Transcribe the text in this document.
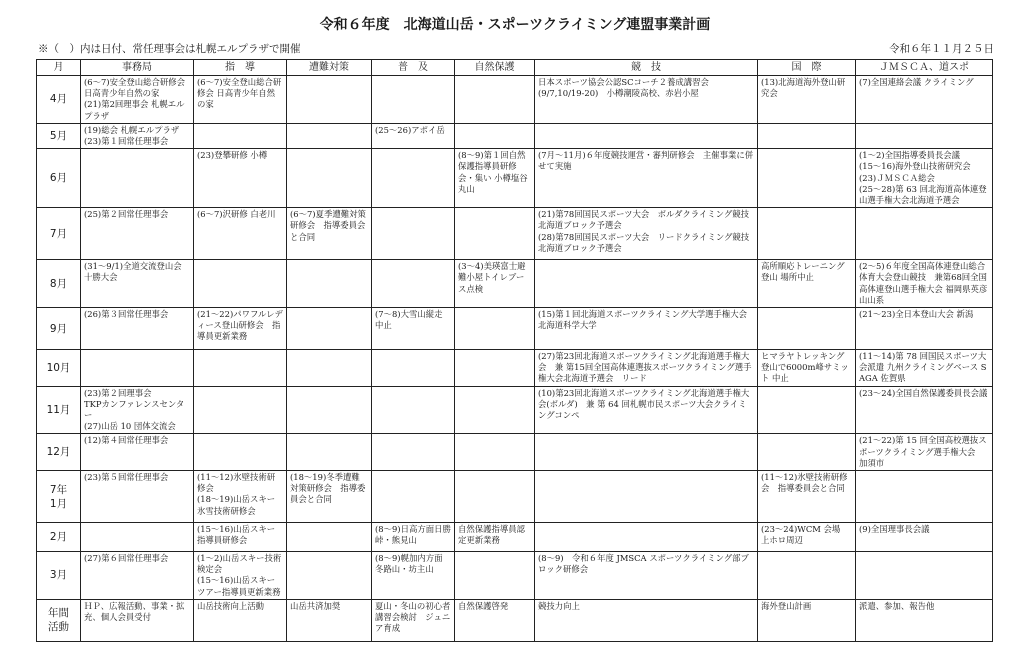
令和６年度　北海道山岳・スポーツクライミング連盟事業計画
※（　）内は日付、常任理事会は札幌エルプラザで開催	令和６年１１月２５日
月	事務局	指　導	遭難対策	普　及	自然保護	競　技	国　際	ＪＭＳＣＡ、道スポ

4月	(6〜7)安全登山総合研修会 日高青少年自然の家
(21)第2回理事会 札幌エルプラザ	(6〜7)安全登山総合研修会 日高青少年自然の家				日本スポーツ協会公認SCコーチ２養成講習会
(9/7,10/19-20)　小樽潮陵高校、赤岩小屋	(13)北海道海外登山研究会	(7)全国連絡会議 クライミング

5月	(19)総会 札幌エルプラザ
(23)第１回常任理事会			(25〜26)アポイ岳				

6月		(23)登攀研修 小樽			(8〜9)第１回自然保護指導員研修会・集い 小樽塩谷丸山	(7月〜11月)６年度競技運営・審判研修会　主催事業に併せて実施		(1〜2)全国指導委員長会議
(15〜16)海外登山技術研究会
(23)ＪＭＳＣＡ総会
(25〜28)第 63 回北海道高体連登山選手権大会北海道予選会

7月	(25)第２回常任理事会	(6〜7)沢研修 白老川	(6〜7)夏季遭難対策研修会　指導委員会と合同			(21)第78回国民スポーツ大会　ボルダクライミング競技北海道ブロック予選会
(28)第78回国民スポーツ大会　リードクライミング競技北海道ブロック予選会		

8月	(31〜9/1)全道交流登山会　十勝大会				(3〜4)美瑛富士避難小屋トイレブース点検		高所順応トレーニング登山 場所中止	(2〜5)６年度全国高体連登山総合体育大会登山競技　兼第68回全国高体連登山選手権大会 福岡県英彦山山系

9月	(26)第３回常任理事会	(21〜22)パワフルレディース登山研修会　指導員更新業務		(7〜8)大雪山縦走 中止		(15)第１回北海道スポーツクライミング大学選手権大会 北海道科学大学		(21〜23)全日本登山大会 新潟

10月						(27)第23回北海道スポーツクライミング北海道選手権大会　兼 第15回全国高体連選抜スポーツクライミング選手権大会北海道予選会　リード	ヒマラヤトレッキング登山で6000m峰サミット 中止	(11〜14)第 78 回国民スポーツ大会派遣 九州クライミングベース SAGA 佐賀県

11月	(23)第２回理事会
TKPカンファレンスセンター
(27)山岳 10 団体交流会					(10)第23回北海道スポーツクライミング北海道選手権大会(ボルダ)　兼 第 64 回札幌市民スポーツ大会クライミングコンペ		(23〜24)全国自然保護委員長会議

12月	(12)第４回常任理事会							(21〜22)第 15 回全国高校選抜スポーツクライミング選手権大会　加須市

7年
1月	(23)第５回常任理事会	(11〜12)氷壁技術研修会
(18〜19)山岳スキー氷雪技術研修会	(18〜19)冬季遭難対策研修会　指導委員会と合同				(11〜12)氷壁技術研修会　指導委員会と合同	

2月		(15〜16)山岳スキー指導員研修会		(8〜9)日高方面日勝峠・熊見山	自然保護指導員認定更新業務		(23〜24)WCM 会場　上ホロ周辺	(9)全国理事長会議

3月	(27)第６回常任理事会	(1〜2)山岳スキー技術検定会
(15〜16)山岳スキーツアー指導員更新業務		(8〜9)幌加内方面　冬路山・坊主山		(8〜9)　令和６年度 JMSCA スポーツクライミング部ブロック研修会		

年間
活動	ＨＰ、広報活動、事業・拡充、個人会員受付	山岳技術向上活動	山岳共済加奨	夏山・冬山の初心者講習会検討　ジュニア育成	自然保護啓発	競技力向上	海外登山計画	派遣、参加、報告他
